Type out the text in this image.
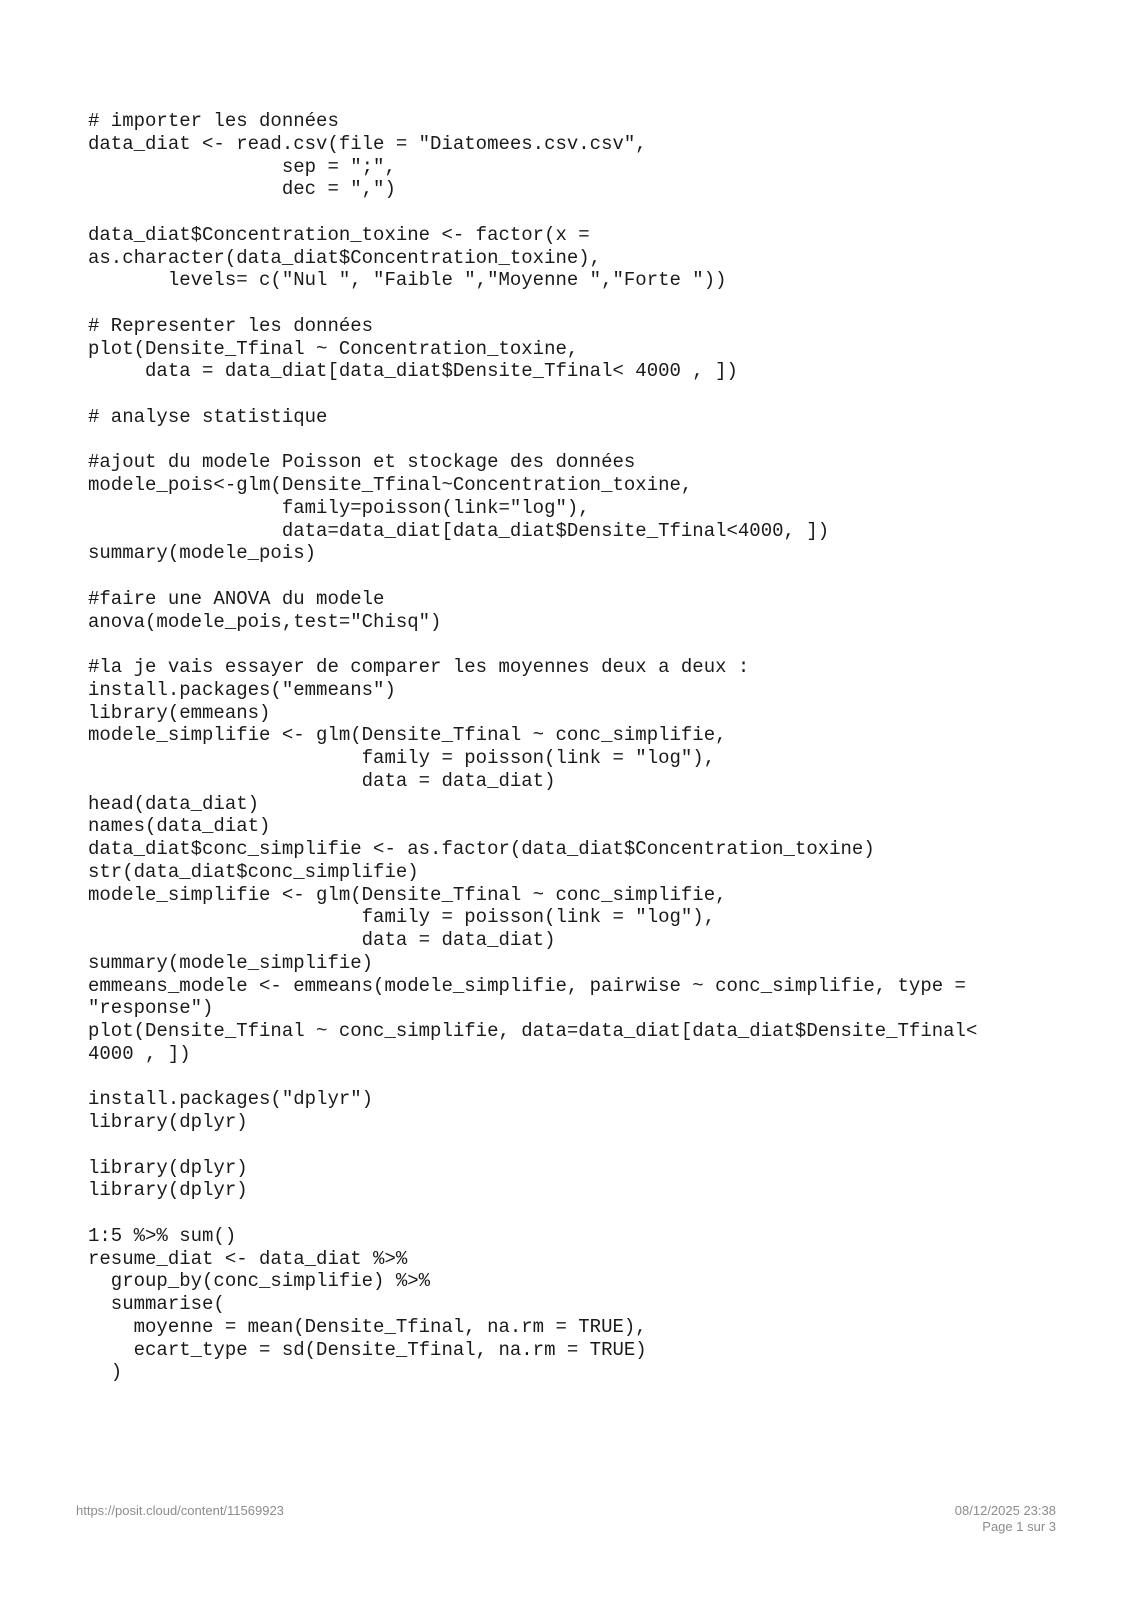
# importer les données
data_diat <- read.csv(file = "Diatomees.csv.csv",
sep = ";",
dec = ",")
data_diat$Concentration_toxine <- factor(x =
as.character(data_diat$Concentration_toxine),
levels= c("Nul ", "Faible ","Moyenne ","Forte "))
# Representer les données
plot(Densite_Tfinal ~ Concentration_toxine,
data = data_diat[data_diat$Densite_Tfinal< 4000 , ])
# analyse statistique
#ajout du modele Poisson et stockage des données
modele_pois<-glm(Densite_Tfinal~Concentration_toxine,
family=poisson(link="log"),
data=data_diat[data_diat$Densite_Tfinal<4000, ])
summary(modele_pois)
#faire une ANOVA du modele
anova(modele_pois,test="Chisq")
#la je vais essayer de comparer les moyennes deux a deux :
install.packages("emmeans")
library(emmeans)
modele_simplifie <- glm(Densite_Tfinal ~ conc_simplifie,
family = poisson(link = "log"),
data = data_diat)
head(data_diat)
names(data_diat)
data_diat$conc_simplifie <- as.factor(data_diat$Concentration_toxine)
str(data_diat$conc_simplifie)
modele_simplifie <- glm(Densite_Tfinal ~ conc_simplifie,
family = poisson(link = "log"),
data = data_diat)
summary(modele_simplifie)
emmeans_modele <- emmeans(modele_simplifie, pairwise ~ conc_simplifie, type =
"response")
plot(Densite_Tfinal ~ conc_simplifie, data=data_diat[data_diat$Densite_Tfinal<
4000 , ])
install.packages("dplyr")
library(dplyr)
library(dplyr)
library(dplyr)
1:5 %>% sum()
resume_diat <- data_diat %>%
group_by(conc_simplifie) %>%
summarise(
moyenne = mean(Densite_Tfinal, na.rm = TRUE),
ecart_type = sd(Densite_Tfinal, na.rm = TRUE)
)
https://posit.cloud/content/11569923	08/12/2025 23:38
Page 1 sur 3
